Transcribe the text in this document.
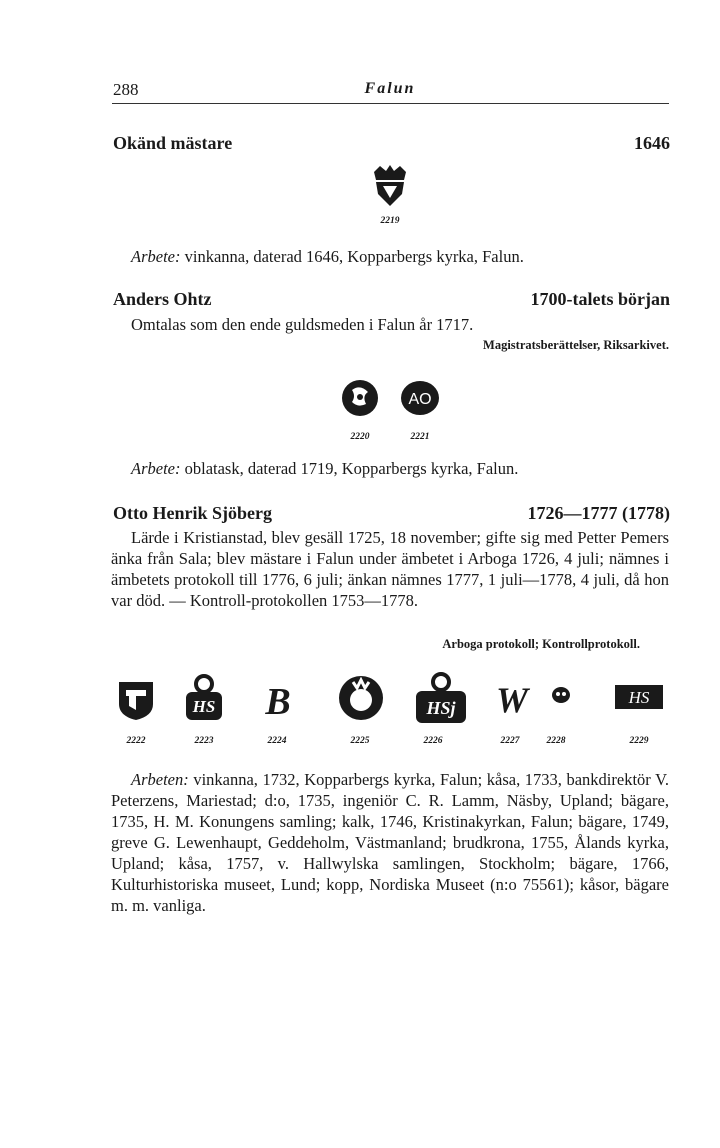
288	Falun
Okänd mästare	1646
2219
Arbete: vinkanna, daterad 1646, Kopparbergs kyrka, Falun.
Anders Ohtz	1700-talets början
Omtalas som den ende guldsmeden i Falun år 1717.
Magistratsberättelser, Riksarkivet.
AO
2220	2221
Arbete: oblatask, daterad 1719, Kopparbergs kyrka, Falun.
Otto Henrik Sjöberg	1726—1777 (1778)
Lärde i Kristianstad, blev gesäll 1725, 18 november; gifte sig med Petter Pemers änka från Sala; blev mästare i Falun under ämbetet i Arboga 1726, 4 juli; nämnes i ämbetets protokoll till 1776, 6 juli; änkan nämnes 1777, 1 juli—1778, 4 juli, då hon var död. — Kontroll-protokollen 1753—1778.
Arboga protokoll; Kontrollprotokoll.
HS B	HSj W	HS
2222	2223	2224	2225	2226	2227	2228	2229
Arbeten: vinkanna, 1732, Kopparbergs kyrka, Falun; kåsa, 1733, bankdirektör V. Peterzens, Mariestad; d:o, 1735, ingeniör C. R. Lamm, Näsby, Upland; bägare, 1735, H. M. Konungens samling; kalk, 1746, Kristinakyrkan, Falun; bägare, 1749, greve G. Lewenhaupt, Geddeholm, Västmanland; brudkrona, 1755, Ålands kyrka, Upland; kåsa, 1757, v. Hallwylska samlingen, Stockholm; bägare, 1766, Kulturhistoriska museet, Lund; kopp, Nordiska Museet (n:o 75561); kåsor, bägare m. m. vanliga.
